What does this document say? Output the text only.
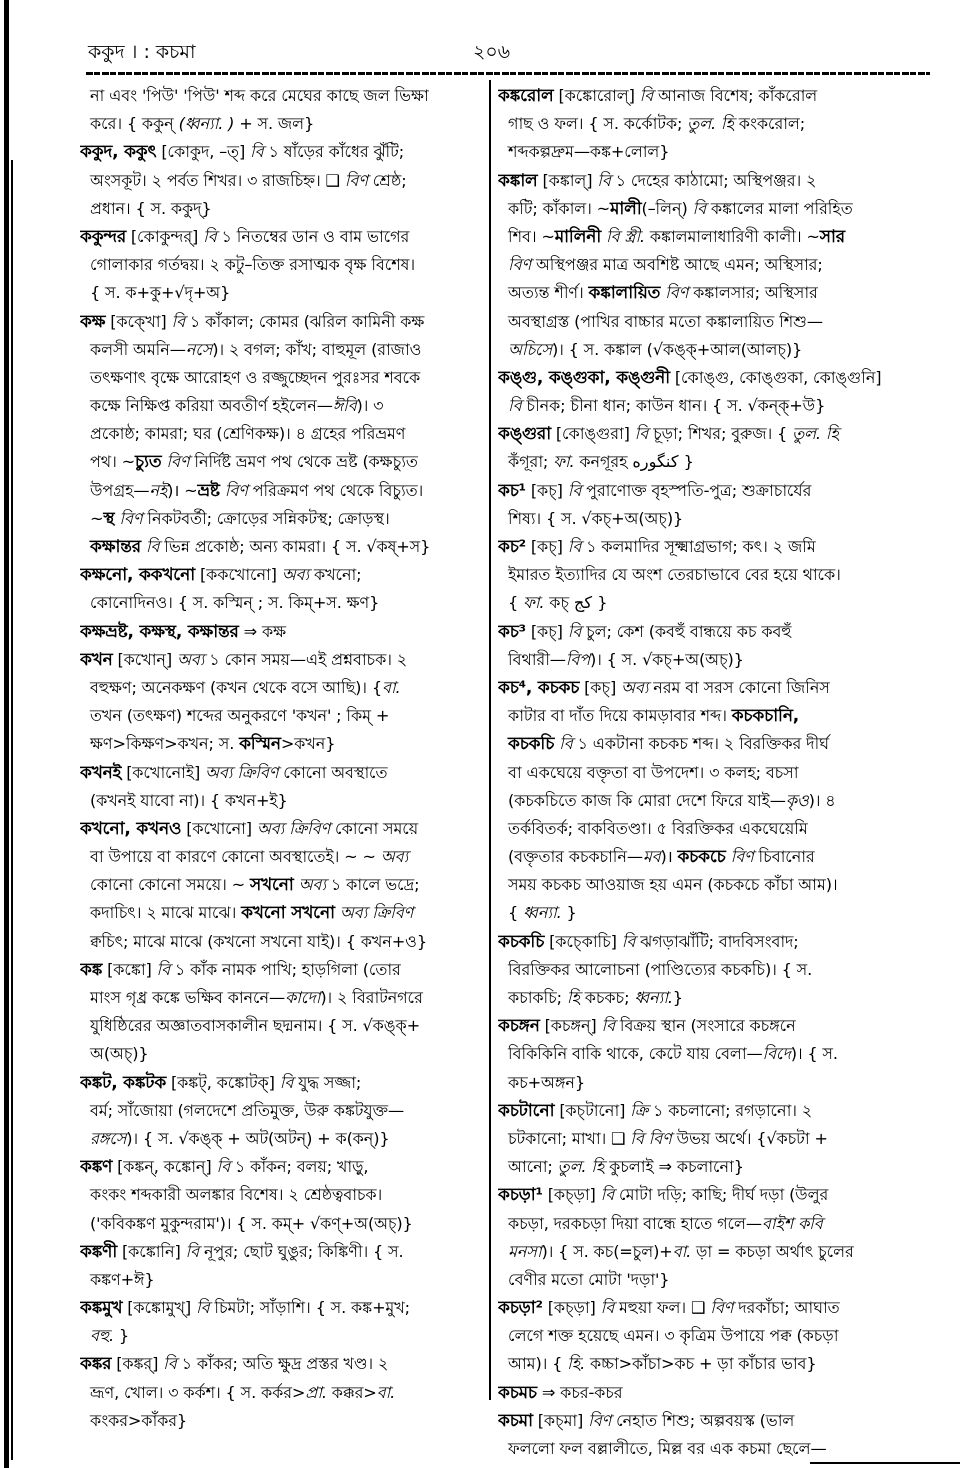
ককুদ । : কচমা	২০৬
না এবং 'পিউ' 'পিউ' শব্দ করে মেঘের কাছে জল ভিক্ষা
করে। { ককুন্ (ধ্বন্যা. ) + স. জল}
ককুদ, ককুৎ [কোকুদ, –ত্] বি ১ ষাঁড়ের কাঁধের ঝুঁটি;
অংসকূট। ২ পর্বত শিখর। ৩ রাজচিহ্ন। ❑ বিণ শ্রেষ্ঠ;
প্রধান। { স. ককুদ্}
ককুন্দর [কোকুন্দর্] বি ১ নিতম্বের ডান ও বাম ভাগের
গোলাকার গর্তদ্বয়। ২ কটু–তিক্ত রসাত্মক বৃক্ষ বিশেষ।
{ স. ক+কু+√দৃ+অ}
কক্ষ [কক্খো] বি ১ কাঁকাল; কোমর (ঝরিল কামিনী কক্ষ
কলসী অমনি—নসে)। ২ বগল; কাঁখ; বাহুমূল (রাজাও
তৎক্ষণাৎ বৃক্ষে আরোহণ ও রজ্জুচ্ছেদন পুরঃসর শবকে
কক্ষে নিক্ষিপ্ত করিয়া অবতীর্ণ হইলেন—ঈবি)। ৩
প্রকোষ্ঠ; কামরা; ঘর (শ্রেণিকক্ষ)। ৪ গ্রহের পরিভ্রমণ
পথ। ~চ্যুত বিণ নির্দিষ্ট ভ্রমণ পথ থেকে ভ্রষ্ট (কক্ষচ্যুত
উপগ্রহ—নই)। ~ভ্রষ্ট বিণ পরিক্রমণ পথ থেকে বিচ্যুত।
~স্থ বিণ নিকটবর্তী; ক্রোড়ের সন্নিকটস্থ; ক্রোড়স্থ।
কক্ষান্তর বি ভিন্ন প্রকোষ্ঠ; অন্য কামরা। { স. √কষ্+স}
কক্ষনো, ককখনো [ককখোনো] অব্য কখনো;
কোনোদিনও। { স. কস্মিন্ ; স. কিম্+স. ক্ষণ}
কক্ষভ্রষ্ট, কক্ষস্থ, কক্ষান্তর ⇒ কক্ষ
কখন [কখোন্] অব্য ১ কোন সময়—এই প্রশ্নবাচক। ২
বহুক্ষণ; অনেকক্ষণ (কখন থেকে বসে আছি)। {বা.
তখন (তৎক্ষণ) শব্দের অনুকরণে 'কখন' ; কিম্ +
ক্ষণ>কিক্ষণ>কখন; স. কস্মিন>কখন}
কখনই [কখোনোই] অব্য ক্রিবিণ কোনো অবস্থাতে
(কখনই যাবো না)। { কখন+ই}
কখনো, কখনও [কখোনো] অব্য ক্রিবিণ কোনো সময়ে
বা উপায়ে বা কারণে কোনো অবস্থাতেই। ~ ~ অব্য
কোনো কোনো সময়ে। ~ সখনো অব্য ১ কালে ভদ্রে;
কদাচিৎ। ২ মাঝে মাঝে। কখনো সখনো অব্য ক্রিবিণ
ক্বচিৎ; মাঝে মাঝে (কখনো সখনো যাই)। { কখন+ও}
কঙ্ক [কঙ্কো] বি ১ কাঁক নামক পাখি; হাড়গিলা (তোর
মাংস গৃধ্র কঙ্কে ভক্ষিব কাননে—কাদো)। ২ বিরাটনগরে
যুধিষ্ঠিরের অজ্ঞাতবাসকালীন ছদ্মনাম। { স. √কঙ্ক্+
অ(অচ্)}
কঙ্কট, কঙ্কটক [কঙ্কট্, কঙ্কোটক্] বি যুদ্ধ সজ্জা;
বর্ম; সাঁজোয়া (গলদেশে প্রতিমুক্ত, উরু কঙ্কটযুক্ত—
রঙ্গসে)। { স. √কঙ্ক্ + অট(অটন্) + ক(কন্)}
কঙ্কণ [কঙ্কন্, কঙ্কোন্] বি ১ কাঁকন; বলয়; খাড়ু,
কংকং শব্দকারী অলঙ্কার বিশেষ। ২ শ্রেষ্ঠত্ববাচক।
('কবিকঙ্কণ মুকুন্দরাম')। { স. কম্+ √কণ্+অ(অচ্)}
কঙ্কণী [কঙ্কোনি] বি নূপুর; ছোট ঘুঙুর; কিঙ্কিণী। { স.
কঙ্কণ+ঈ}
কঙ্কমুখ [কঙ্কোমুখ্] বি চিমটা; সাঁড়াশি। { স. কঙ্ক+মুখ;
বহু. }
কঙ্কর [কঙ্কর্] বি ১ কাঁকর; অতি ক্ষুদ্র প্রস্তর খণ্ড। ২
ভ্রূণ, খোল। ৩ কর্কশ। { স. কর্কর>প্রা. কক্কর>বা.
কংকর>কাঁকর}
কঙ্করোল [কঙ্কোরোল্] বি আনাজ বিশেষ; কাঁকরোল
গাছ ও ফল। { স. কর্কোটক; তুল. হি কংকরোল;
শব্দকল্পদ্রুম—কঙ্ক+লোল}
কঙ্কাল [কঙ্কাল্] বি ১ দেহের কাঠামো; অস্থিপঞ্জর। ২
কটি; কাঁকাল। ~মালী(–লিন্) বি কঙ্কালের মালা পরিহিত
শিব। ~মালিনী বি স্ত্রী. কঙ্কালমালাধারিণী কালী। ~সার
বিণ অস্থিপঞ্জর মাত্র অবশিষ্ট আছে এমন; অস্থিসার;
অত্যন্ত শীর্ণ। কঙ্কালায়িত বিণ কঙ্কালসার; অস্থিসার
অবস্থাগ্রস্ত (পাখির বাচ্চার মতো কঙ্কালায়িত শিশু—
অচিসে)। { স. কঙ্কাল (√কঙ্ক্+আল(আলচ্)}
কঙ্গু, কঙ্গুকা, কঙ্গুনী [কোঙ্গু, কোঙ্গুকা, কোঙ্গুনি]
বি চীনক; চীনা ধান; কাউন ধান। { স. √কন্ক্+উ}
কঙ্গুরা [কোঙ্গুরা] বি চূড়া; শিখর; বুরুজ। { তুল. হি
কঁগূরা; ফা. কনগূরহ كنگوره }
কচ¹ [কচ্] বি পুরাণোক্ত বৃহস্পতি-পুত্র; শুক্রাচার্যের
শিষ্য। { স. √কচ্+অ(অচ্)}
কচ² [কচ্] বি ১ কলমাদির সূক্ষ্মাগ্রভাগ; কৎ। ২ জমি
ইমারত ইত্যাদির যে অংশ তেরচাভাবে বের হয়ে থাকে।
{ ফা. কচ্ کج }
কচ³ [কচ্] বি চুল; কেশ (কবহুঁ বান্ধয়ে কচ কবহুঁ
বিথারী—বিপ)। { স. √কচ্+অ(অচ্)}
কচ⁴, কচকচ [কচ্] অব্য নরম বা সরস কোনো জিনিস
কাটার বা দাঁত দিয়ে কামড়াবার শব্দ। কচকচানি,
কচকচি বি ১ একটানা কচকচ শব্দ। ২ বিরক্তিকর দীর্ঘ
বা একঘেয়ে বক্তৃতা বা উপদেশ। ৩ কলহ; বচসা
(কচকচিতে কাজ কি মোরা দেশে ফিরে যাই—কৃও)। ৪
তর্কবিতর্ক; বাকবিতণ্ডা। ৫ বিরক্তিকর একঘেয়েমি
(বক্তৃতার কচকচানি—মব)। কচকচে বিণ চিবানোর
সময় কচকচ আওয়াজ হয় এমন (কচকচে কাঁচা আম)।
{ ধ্বন্যা. }
কচকচি [কচ্কোচি] বি ঝগড়াঝাঁটি; বাদবিসংবাদ;
বিরক্তিকর আলোচনা (পাণ্ডিত্যের কচকচি)। { স.
কচাকচি; হি কচকচ; ধ্বন্যা.}
কচঙ্গন [কচঙ্গন্] বি বিক্রয় স্থান (সংসারে কচঙ্গনে
বিকিকিনি বাকি থাকে, কেটে যায় বেলা—বিদে)। { স.
কচ+অঙ্গন}
কচটানো [কচ্টানো] ক্রি ১ কচলানো; রগড়ানো। ২
চটকানো; মাখা। ❑ বি বিণ উভয় অর্থে। {√কচটা +
আনো; তুল. হি কুচলাই ⇒ কচলানো}
কচড়া¹ [কচ্ড়া] বি মোটা দড়ি; কাছি; দীর্ঘ দড়া (উলুর
কচড়া, দরকচড়া দিয়া বান্ধে হাতে গলে—বাইশ কবি
মনসা)। { স. কচ(=চুল)+বা. ড়া = কচড়া অর্থাৎ চুলের
বেণীর মতো মোটা 'দড়া'}
কচড়া² [কচ্ড়া] বি মহুয়া ফল। ❑ বিণ দরকাঁচা; আঘাত
লেগে শক্ত হয়েছে এমন। ৩ কৃত্রিম উপায়ে পক্ব (কচড়া
আম)। { হি. কচ্চা>কাঁচা>কচ + ড়া কাঁচার ভাব}
কচমচ ⇒ কচর-কচর
কচমা [কচ্মা] বিণ নেহাত শিশু; অল্পবয়স্ক (ভাল
ফললো ফল বল্লালীতে, মিল্ল বর এক কচমা ছেলে—
